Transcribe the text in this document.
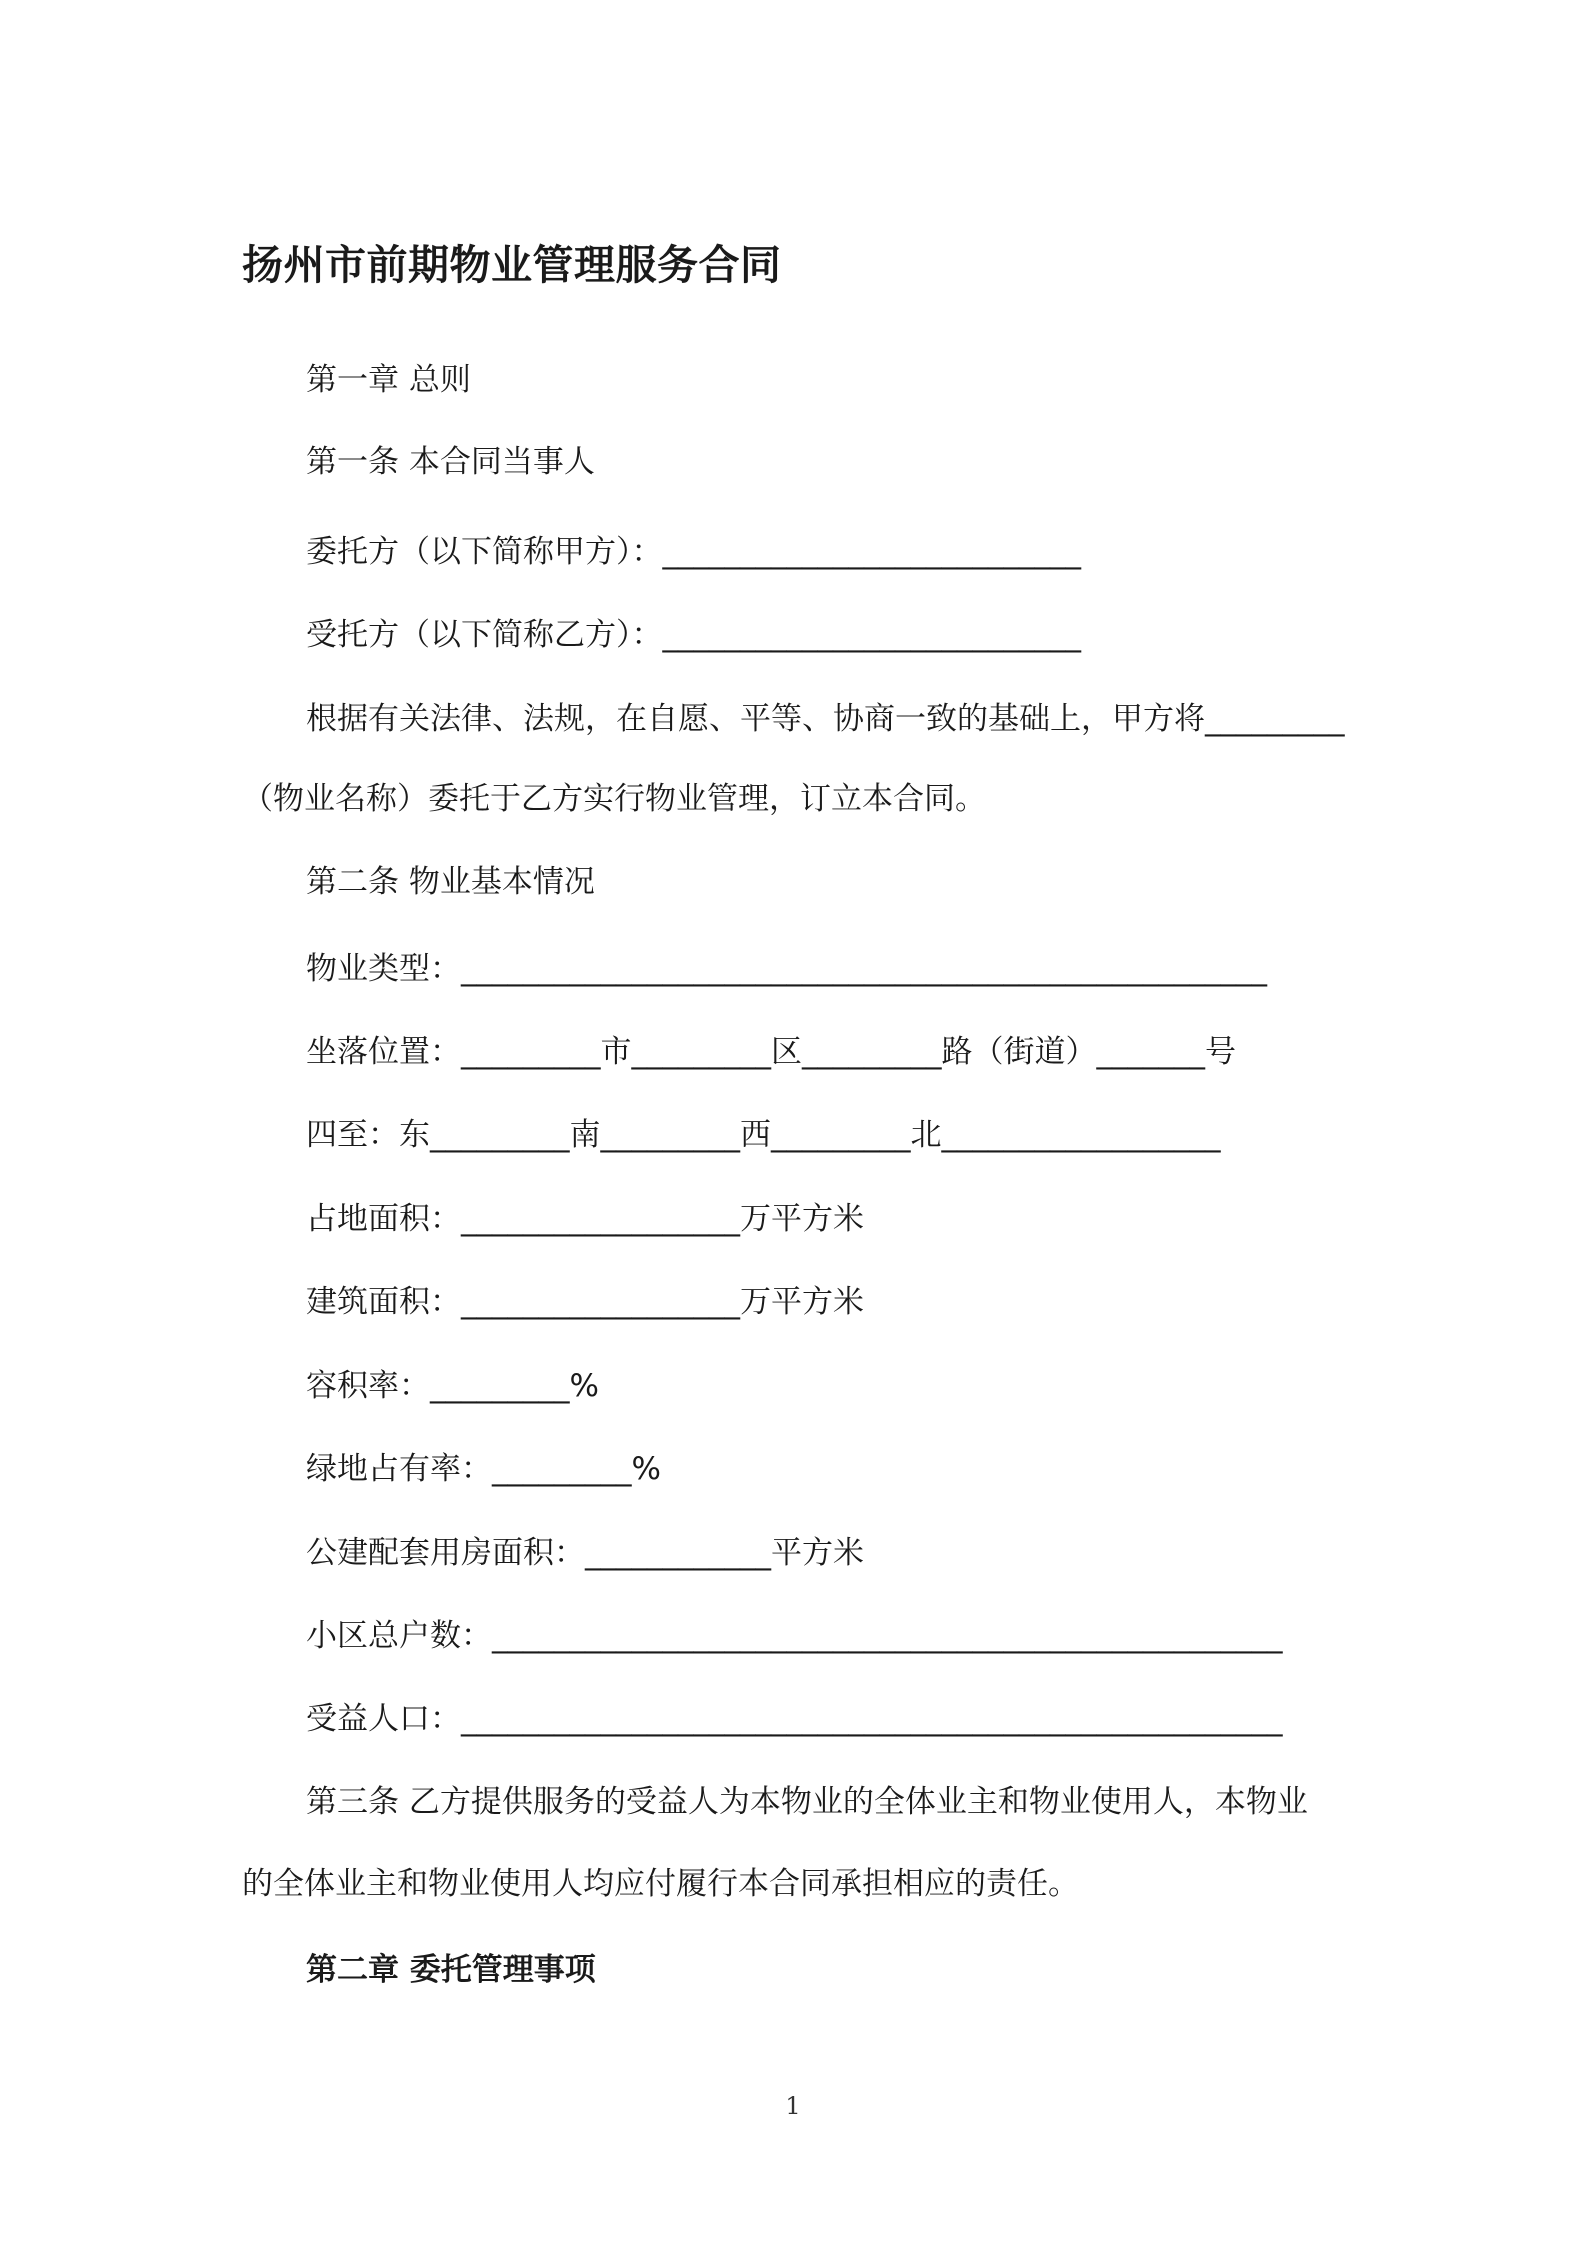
扬州市前期物业管理服务合同
第一章 总则
第一条 本合同当事人
委托方（以下简称甲方）：___________________________
受托方（以下简称乙方）：___________________________
根据有关法律、法规，在自愿、平等、协商一致的基础上，甲方将_________
（物业名称）委托于乙方实行物业管理，订立本合同。
第二条 物业基本情况
物业类型：____________________________________________________
坐落位置：_________市_________区_________路（街道）_______号
四至：东_________南_________西_________北__________________
占地面积：__________________万平方米
建筑面积：__________________万平方米
容积率：_________%
绿地占有率：_________%
公建配套用房面积：____________平方米
小区总户数：___________________________________________________
受益人口：_____________________________________________________
第三条 乙方提供服务的受益人为本物业的全体业主和物业使用人，本物业
的全体业主和物业使用人均应付履行本合同承担相应的责任。
第二章 委托管理事项
1
